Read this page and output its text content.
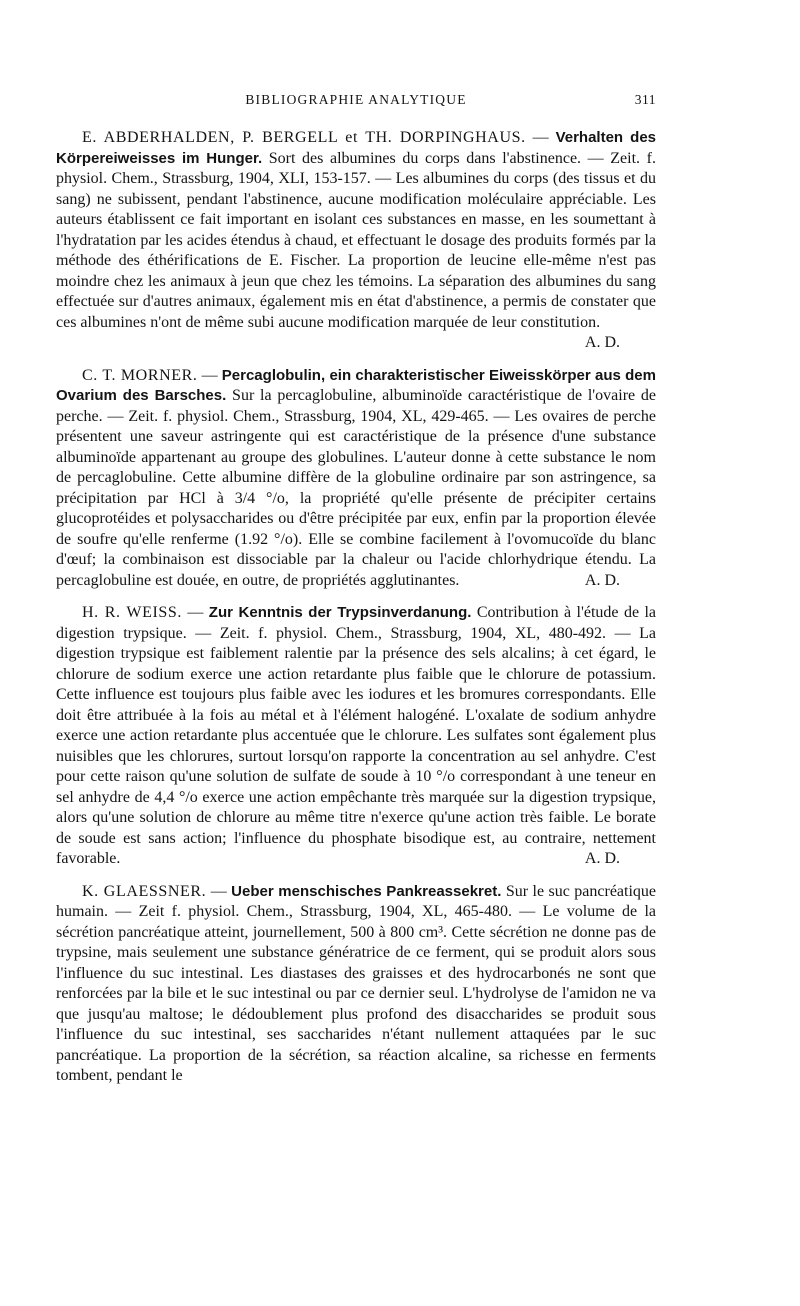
BIBLIOGRAPHIE ANALYTIQUE	311

E. ABDERHALDEN, P. BERGELL et TH. DORPINGHAUS. — Verhalten des Körpereiweisses im Hunger. Sort des albumines du corps dans l'abstinence. — Zeit. f. physiol. Chem., Strassburg, 1904, XLI, 153-157. — Les albumines du corps (des tissus et du sang) ne subissent, pendant l'abstinence, aucune modification moléculaire appréciable. Les auteurs établissent ce fait important en isolant ces substances en masse, en les soumettant à l'hydratation par les acides étendus à chaud, et effectuant le dosage des produits formés par la méthode des éthérifications de E. Fischer. La proportion de leucine elle-même n'est pas moindre chez les animaux à jeun que chez les témoins. La séparation des albumines du sang effectuée sur d'autres animaux, également mis en état d'abstinence, a permis de constater que ces albumines n'ont de même subi aucune modification marquée de leur constitution.
A. D.

C. T. MORNER. — Percaglobulin, ein charakteristischer Eiweisskörper aus dem Ovarium des Barsches. Sur la percaglobuline, albuminoïde caractéristique de l'ovaire de perche. — Zeit. f. physiol. Chem., Strassburg, 1904, XL, 429-465. — Les ovaires de perche présentent une saveur astringente qui est caractéristique de la présence d'une substance albuminoïde appartenant au groupe des globulines. L'auteur donne à cette substance le nom de percaglobuline. Cette albumine diffère de la globuline ordinaire par son astringence, sa précipitation par HCl à 3/4 °/o, la propriété qu'elle présente de précipiter certains glucoprotéides et polysaccharides ou d'être précipitée par eux, enfin par la proportion élevée de soufre qu'elle renferme (1.92 °/o). Elle se combine facilement à l'ovomucoïde du blanc d'œuf; la combinaison est dissociable par la chaleur ou l'acide chlorhydrique étendu. La percaglobuline est douée, en outre, de propriétés agglutinantes.	A. D.

H. R. WEISS. — Zur Kenntnis der Trypsinverdanung. Contribution à l'étude de la digestion trypsique. — Zeit. f. physiol. Chem., Strassburg, 1904, XL, 480-492. — La digestion trypsique est faiblement ralentie par la présence des sels alcalins; à cet égard, le chlorure de sodium exerce une action retardante plus faible que le chlorure de potassium. Cette influence est toujours plus faible avec les iodures et les bromures correspondants. Elle doit être attribuée à la fois au métal et à l'élément halogéné. L'oxalate de sodium anhydre exerce une action retardante plus accentuée que le chlorure. Les sulfates sont également plus nuisibles que les chlorures, surtout lorsqu'on rapporte la concentration au sel anhydre. C'est pour cette raison qu'une solution de sulfate de soude à 10 °/o correspondant à une teneur en sel anhydre de 4,4 °/o exerce une action empêchante très marquée sur la digestion trypsique, alors qu'une solution de chlorure au même titre n'exerce qu'une action très faible. Le borate de soude est sans action; l'influence du phosphate bisodique est, au contraire, nettement favorable.	A. D.

K. GLAESSNER. — Ueber menschisches Pankreassekret. Sur le suc pancréatique humain. — Zeit f. physiol. Chem., Strassburg, 1904, XL, 465-480. — Le volume de la sécrétion pancréatique atteint, journellement, 500 à 800 cm³. Cette sécrétion ne donne pas de trypsine, mais seulement une substance génératrice de ce ferment, qui se produit alors sous l'influence du suc intestinal. Les diastases des graisses et des hydrocarbonés ne sont que renforcées par la bile et le suc intestinal ou par ce dernier seul. L'hydrolyse de l'amidon ne va que jusqu'au maltose; le dédoublement plus profond des disaccharides se produit sous l'influence du suc intestinal, ses saccharides n'étant nullement attaquées par le suc pancréatique. La proportion de la sécrétion, sa réaction alcaline, sa richesse en ferments tombent, pendant le
